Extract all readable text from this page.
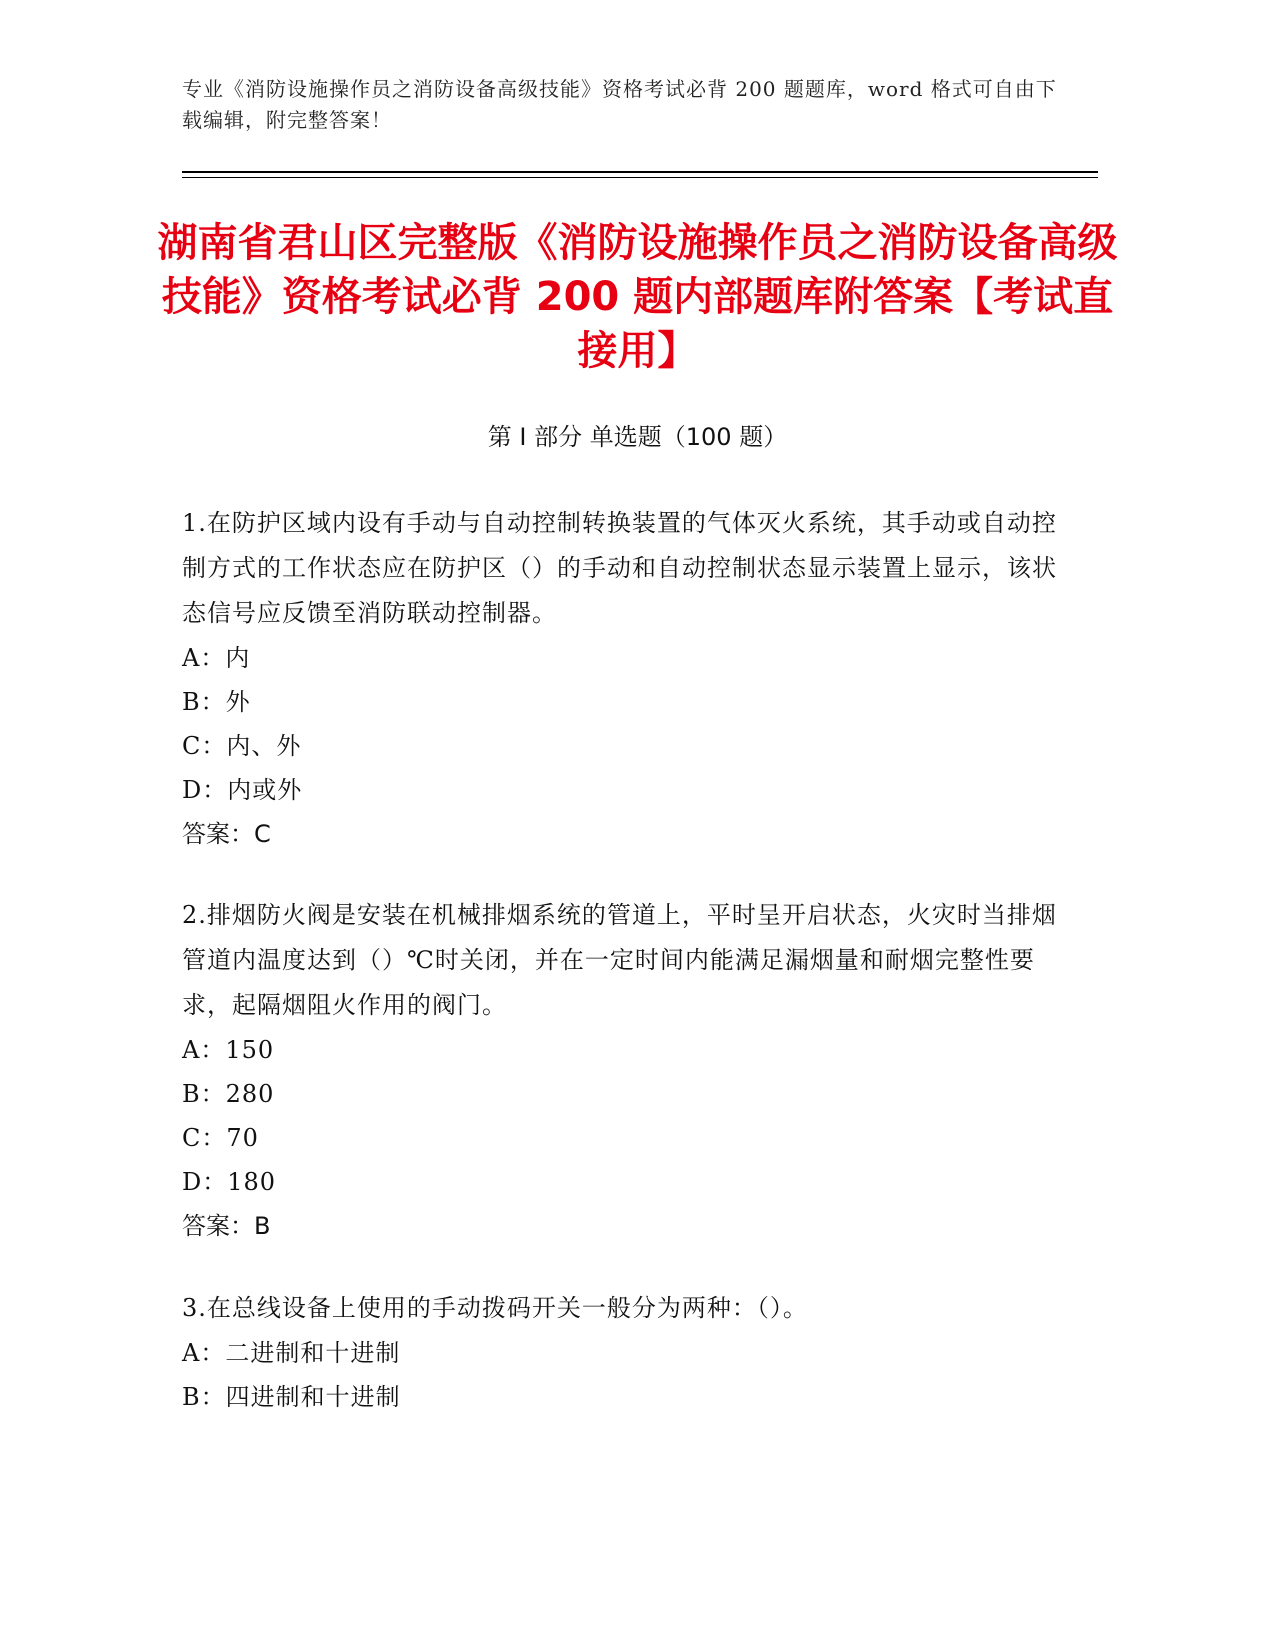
专业《消防设施操作员之消防设备高级技能》资格考试必背 200 题题库，word 格式可自由下载编辑，附完整答案！
湖南省君山区完整版《消防设施操作员之消防设备高级技能》资格考试必背 200 题内部题库附答案【考试直接用】
第 I 部分 单选题（100 题）
1.在防护区域内设有手动与自动控制转换装置的气体灭火系统，其手动或自动控制方式的工作状态应在防护区（）的手动和自动控制状态显示装置上显示，该状态信号应反馈至消防联动控制器。
A：内
B：外
C：内、外
D：内或外
答案：C
2.排烟防火阀是安装在机械排烟系统的管道上，平时呈开启状态，火灾时当排烟管道内温度达到（）℃时关闭，并在一定时间内能满足漏烟量和耐烟完整性要求，起隔烟阻火作用的阀门。
A：150
B：280
C：70
D：180
答案：B
3.在总线设备上使用的手动拨码开关一般分为两种：（）。
A：二进制和十进制
B：四进制和十进制
